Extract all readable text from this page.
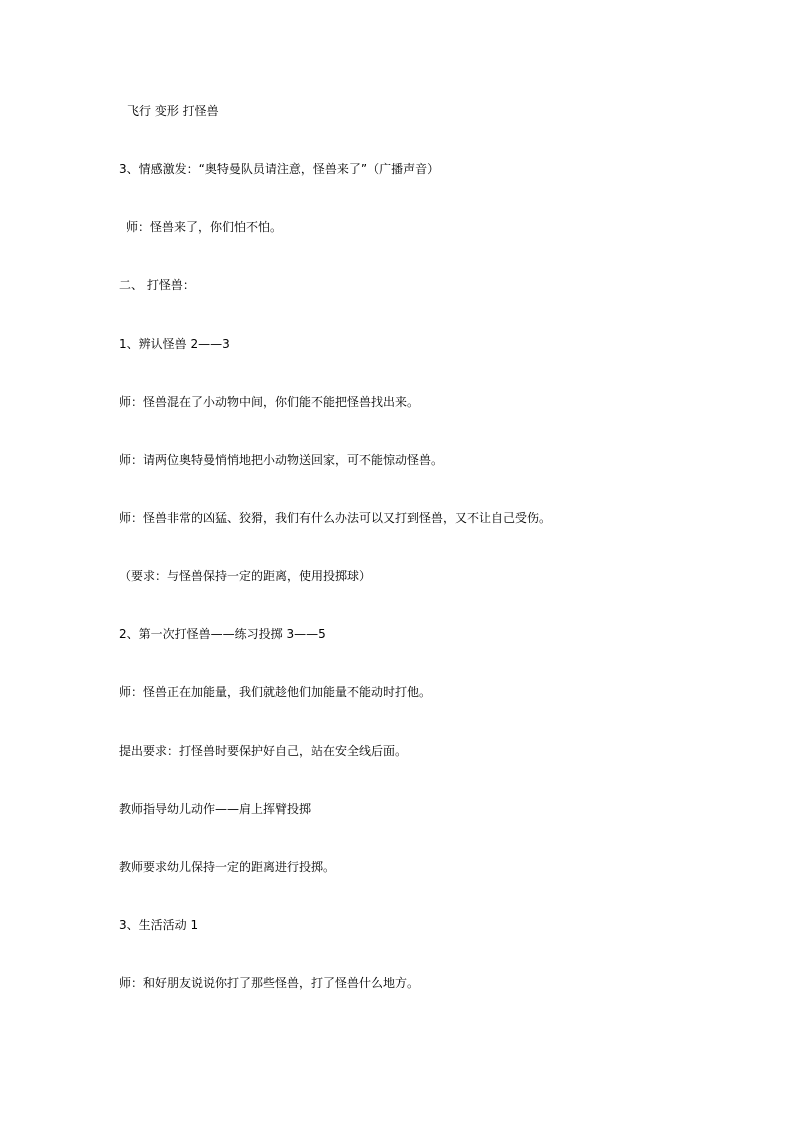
飞行 变形 打怪兽
3、情感激发：“奥特曼队员请注意，怪兽来了”（广播声音）
师：怪兽来了，你们怕不怕。
二、 打怪兽：
1、辨认怪兽 2——3
师：怪兽混在了小动物中间，你们能不能把怪兽找出来。
师：请两位奥特曼悄悄地把小动物送回家，可不能惊动怪兽。
师：怪兽非常的凶猛、狡猾，我们有什么办法可以又打到怪兽，又不让自己受伤。
（要求：与怪兽保持一定的距离，使用投掷球）
2、第一次打怪兽——练习投掷 3——5
师：怪兽正在加能量，我们就趁他们加能量不能动时打他。
提出要求：打怪兽时要保护好自己，站在安全线后面。
教师指导幼儿动作——肩上挥臂投掷
教师要求幼儿保持一定的距离进行投掷。
3、生活活动 1
师：和好朋友说说你打了那些怪兽，打了怪兽什么地方。
